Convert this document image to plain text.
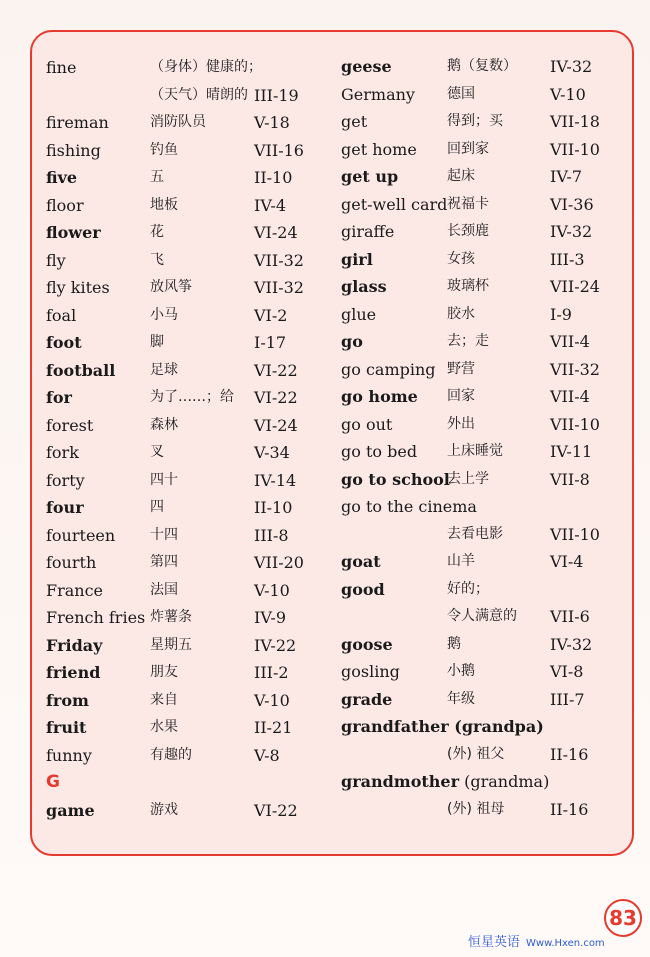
fine	（身体）健康的；
（天气）晴朗的 III-19
fireman	消防队员	V-18
fishing	钓鱼	VII-16
five	五	II-10
floor	地板	IV-4
flower	花	VI-24
fly	飞	VII-32
fly kites	放风筝	VII-32
foal	小马	VI-2
foot	脚	I-17
football 足球	VI-22
for	为了……；给 VI-22
forest	森林	VI-24
fork	叉	V-34
forty	四十	IV-14
four	四	II-10
fourteen 十四	III-8
fourth	第四	VII-20
France	法国	V-10
French fries 炸薯条	IV-9
Friday	星期五	IV-22
friend	朋友	III-2
from	来自	V-10
fruit	水果	II-21
funny	有趣的	V-8
G
game	游戏	VI-22
geese	鹅（复数） IV-32
Germany 德国	V-10
get	得到；买	VII-18
get home 回到家	VII-10
get up	起床	IV-7
get-well card 祝福卡	VI-36
giraffe	长颈鹿	IV-32
girl	女孩	III-3
glass	玻璃杯	VII-24
glue	胶水	I-9
go	去；走	VII-4
go camping 野营	VII-32
go home 回家	VII-4
go out	外出	VII-10
go to bed 上床睡觉	IV-11
go to school
去上学	VII-8
go to the cinema
去看电影	VII-10
goat	山羊	VI-4
good	好的；
令人满意的 VII-6
goose	鹅	IV-32
gosling	小鹅	VI-8
grade	年级	III-7
grandfather (grandpa)
(外) 祖父	II-16
grandmother (grandma)
(外) 祖母	II-16
83
恒星英语 Www.Hxen.com
